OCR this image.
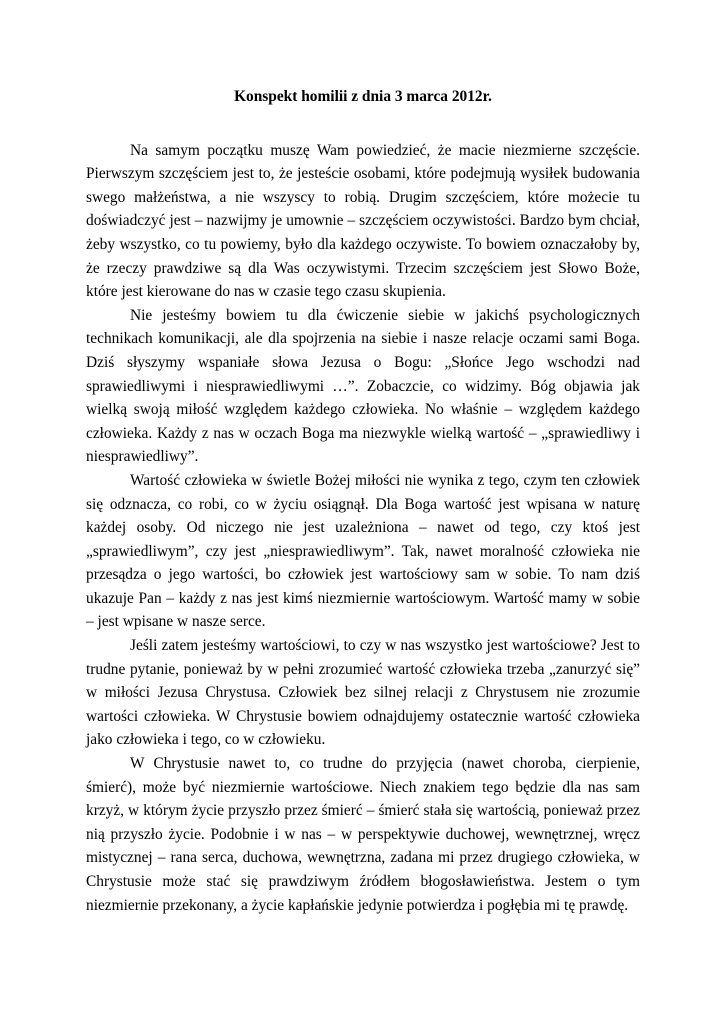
Konspekt homilii z dnia 3 marca 2012r.

Na samym początku muszę Wam powiedzieć, że macie niezmierne szczęście. Pierwszym szczęściem jest to, że jesteście osobami, które podejmują wysiłek budowania swego małżeństwa, a nie wszyscy to robią. Drugim szczęściem, które możecie tu doświadczyć jest – nazwijmy je umownie – szczęściem oczywistości. Bardzo bym chciał, żeby wszystko, co tu powiemy, było dla każdego oczywiste. To bowiem oznaczałoby by, że rzeczy prawdziwe są dla Was oczywistymi. Trzecim szczęściem jest Słowo Boże, które jest kierowane do nas w czasie tego czasu skupienia.

Nie jesteśmy bowiem tu dla ćwiczenie siebie w jakichś psychologicznych technikach komunikacji, ale dla spojrzenia na siebie i nasze relacje oczami sami Boga. Dziś słyszymy wspaniałe słowa Jezusa o Bogu: „Słońce Jego wschodzi nad sprawiedliwymi i niesprawiedliwymi …”. Zobaczcie, co widzimy. Bóg objawia jak wielką swoją miłość względem każdego człowieka. No właśnie – względem każdego człowieka. Każdy z nas w oczach Boga ma niezwykle wielką wartość – „sprawiedliwy i niesprawiedliwy”.

Wartość człowieka w świetle Bożej miłości nie wynika z tego, czym ten człowiek się odznacza, co robi, co w życiu osiągnął. Dla Boga wartość jest wpisana w naturę każdej osoby. Od niczego nie jest uzależniona – nawet od tego, czy ktoś jest „sprawiedliwym”, czy jest „niesprawiedliwym”. Tak, nawet moralność człowieka nie przesądza o jego wartości, bo człowiek jest wartościowy sam w sobie. To nam dziś ukazuje Pan – każdy z nas jest kimś niezmiernie wartościowym. Wartość mamy w sobie – jest wpisane w nasze serce.

Jeśli zatem jesteśmy wartościowi, to czy w nas wszystko jest wartościowe? Jest to trudne pytanie, ponieważ by w pełni zrozumieć wartość człowieka trzeba „zanurzyć się” w miłości Jezusa Chrystusa. Człowiek bez silnej relacji z Chrystusem nie zrozumie wartości człowieka. W Chrystusie bowiem odnajdujemy ostatecznie wartość człowieka jako człowieka i tego, co w człowieku.

W Chrystusie nawet to, co trudne do przyjęcia (nawet choroba, cierpienie, śmierć), może być niezmiernie wartościowe. Niech znakiem tego będzie dla nas sam krzyż, w którym życie przyszło przez śmierć – śmierć stała się wartością, ponieważ przez nią przyszło życie. Podobnie i w nas – w perspektywie duchowej, wewnętrznej, wręcz mistycznej – rana serca, duchowa, wewnętrzna, zadana mi przez drugiego człowieka, w Chrystusie może stać się prawdziwym źródłem błogosławieństwa. Jestem o tym niezmiernie przekonany, a życie kapłańskie jedynie potwierdza i pogłębia mi tę prawdę.
